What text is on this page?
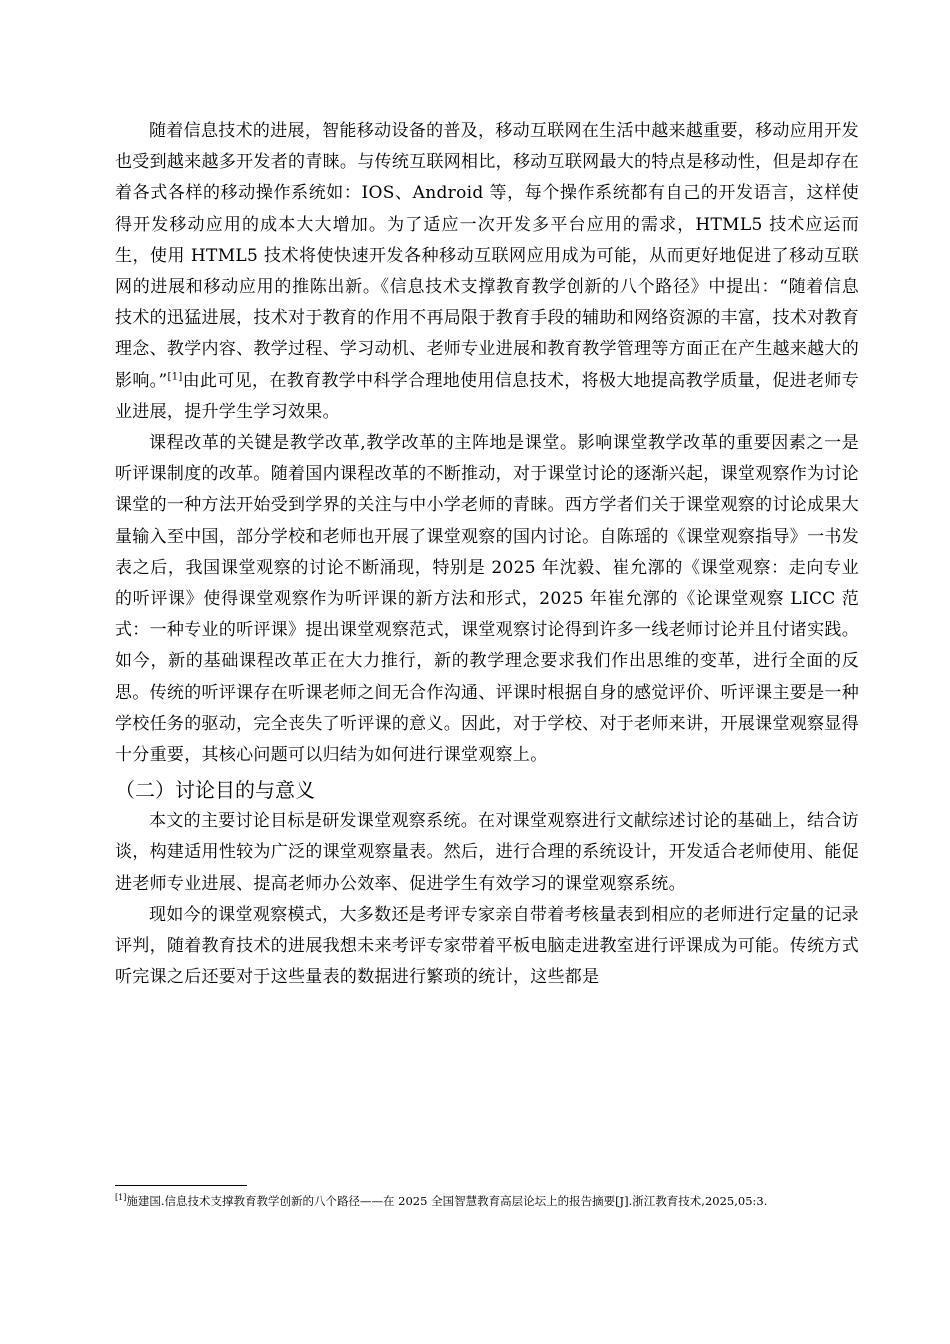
随着信息技术的进展，智能移动设备的普及，移动互联网在生活中越来越重要，移动应用开发也受到越来越多开发者的青睐。与传统互联网相比，移动互联网最大的特点是移动性，但是却存在着各式各样的移动操作系统如：IOS、Android 等，每个操作系统都有自己的开发语言，这样使得开发移动应用的成本大大增加。为了适应一次开发多平台应用的需求，HTML5 技术应运而生，使用 HTML5 技术将使快速开发各种移动互联网应用成为可能，从而更好地促进了移动互联网的进展和移动应用的推陈出新。《信息技术支撑教育教学创新的八个路径》中提出：“随着信息技术的迅猛进展，技术对于教育的作用不再局限于教育手段的辅助和网络资源的丰富，技术对教育理念、教学内容、教学过程、学习动机、老师专业进展和教育教学管理等方面正在产生越来越大的影响。”[1]由此可见，在教育教学中科学合理地使用信息技术，将极大地提高教学质量，促进老师专业进展，提升学生学习效果。

课程改革的关键是教学改革,教学改革的主阵地是课堂。影响课堂教学改革的重要因素之一是听评课制度的改革。随着国内课程改革的不断推动，对于课堂讨论的逐渐兴起，课堂观察作为讨论课堂的一种方法开始受到学界的关注与中小学老师的青睐。西方学者们关于课堂观察的讨论成果大量输入至中国，部分学校和老师也开展了课堂观察的国内讨论。自陈瑶的《课堂观察指导》一书发表之后，我国课堂观察的讨论不断涌现，特别是 2025 年沈毅、崔允漷的《课堂观察：走向专业的听评课》使得课堂观察作为听评课的新方法和形式，2025 年崔允漷的《论课堂观察 LICC 范式：一种专业的听评课》提出课堂观察范式，课堂观察讨论得到许多一线老师讨论并且付诸实践。如今，新的基础课程改革正在大力推行，新的教学理念要求我们作出思维的变革，进行全面的反思。传统的听评课存在听课老师之间无合作沟通、评课时根据自身的感觉评价、听评课主要是一种学校任务的驱动，完全丧失了听评课的意义。因此，对于学校、对于老师来讲，开展课堂观察显得十分重要，其核心问题可以归结为如何进行课堂观察上。

（二）讨论目的与意义

本文的主要讨论目标是研发课堂观察系统。在对课堂观察进行文献综述讨论的基础上，结合访谈，构建适用性较为广泛的课堂观察量表。然后，进行合理的系统设计，开发适合老师使用、能促进老师专业进展、提高老师办公效率、促进学生有效学习的课堂观察系统。

现如今的课堂观察模式，大多数还是考评专家亲自带着考核量表到相应的老师进行定量的记录评判，随着教育技术的进展我想未来考评专家带着平板电脑走进教室进行评课成为可能。传统方式听完课之后还要对于这些量表的数据进行繁琐的统计，这些都是

[1]施建国.信息技术支撑教育教学创新的八个路径——在 2025 全国智慧教育高层论坛上的报告摘要[J].浙江教育技术,2025,05:3.
